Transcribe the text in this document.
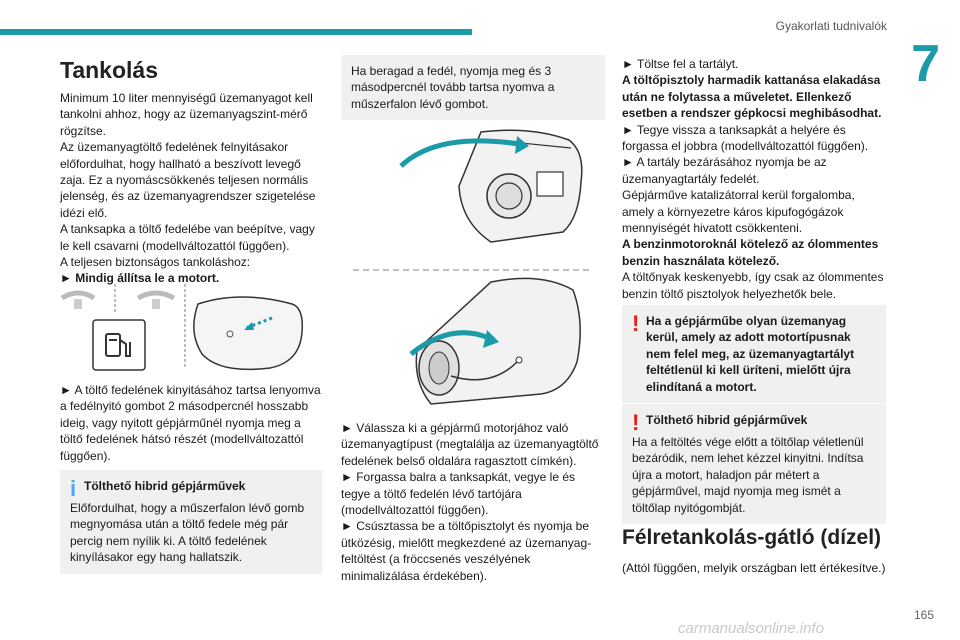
Gyakorlati tudnivalók
7
Tankolás

Minimum 10 liter mennyiségű üzemanyagot kell tankolni ahhoz, hogy az üzemanyagszint-mérő rögzítse.

Az üzemanyagtöltő fedelének felnyitásakor előfordulhat, hogy hallható a beszívott levegő zaja. Ez a nyomáscsökkenés teljesen normális jelenség, és az üzemanyagrendszer szigetelése idézi elő.

A tanksapka a töltő fedelébe van beépítve, vagy le kell csavarni (modellváltozattól függően).

A teljesen biztonságos tankoláshoz:

► Mindig állítsa le a motort.

► A töltő fedelének kinyitásához tartsa lenyomva a fedélnyitó gombot 2 másodpercnél hosszabb ideig, vagy nyitott gépjárműnél nyomja meg a töltő fedelének hátsó részét (modellváltozattól függően).

i Tölthető hibrid gépjárművek

Előfordulhat, hogy a műszerfalon lévő gomb megnyomása után a töltő fedele még pár percig nem nyílik ki. A töltő fedelének kinyílásakor egy hang hallatszik.

Ha beragad a fedél, nyomja meg és 3 másodpercnél tovább tartsa nyomva a műszerfalon lévő gombot.

► Válassza ki a gépjármű motorjához való üzemanyagtípust (megtalálja az üzemanyagtöltő fedelének belső oldalára ragasztott címkén).

► Forgassa balra a tanksapkát, vegye le és tegye a töltő fedelén lévő tartójára (modellváltozattól függően).

► Csúsztassa be a töltőpisztolyt és nyomja be ütközésig, mielőtt megkezdené az üzemanyag-feltöltést (a fröccsenés veszélyének minimalizálása érdekében).

► Töltse fel a tartályt.

A töltőpisztoly harmadik kattanása elakadása után ne folytassa a műveletet. Ellenkező esetben a rendszer gépkocsi meghibásodhat.

► Tegye vissza a tanksapkát a helyére és forgassa el jobbra (modellváltozattól függően).

► A tartály bezárásához nyomja be az üzemanyagtartály fedelét.

Gépjárműve katalizátorral kerül forgalomba, amely a környezetre káros kipufogógázok mennyiségét hivatott csökkenteni.

A benzinmotoroknál kötelező az ólommentes benzin használata kötelező.

A töltőnyak keskenyebb, így csak az ólommentes benzin töltő pisztolyok helyezhetők bele.

! Ha a gépjárműbe olyan üzemanyag kerül, amely az adott motortípusnak nem felel meg, az üzemanyagtartályt feltétlenül ki kell üríteni, mielőtt újra elindítaná a motort.

! Tölthető hibrid gépjárművek

Ha a feltöltés vége előtt a töltőlap véletlenül bezáródik, nem lehet kézzel kinyitni. Indítsa újra a motort, haladjon pár métert a gépjárművel, majd nyomja meg ismét a töltőlap nyitógombját.

Félretankolás-gátló (dízel)

(Attól függően, melyik országban lett értékesítve.)

165
carmanualsonline.info
